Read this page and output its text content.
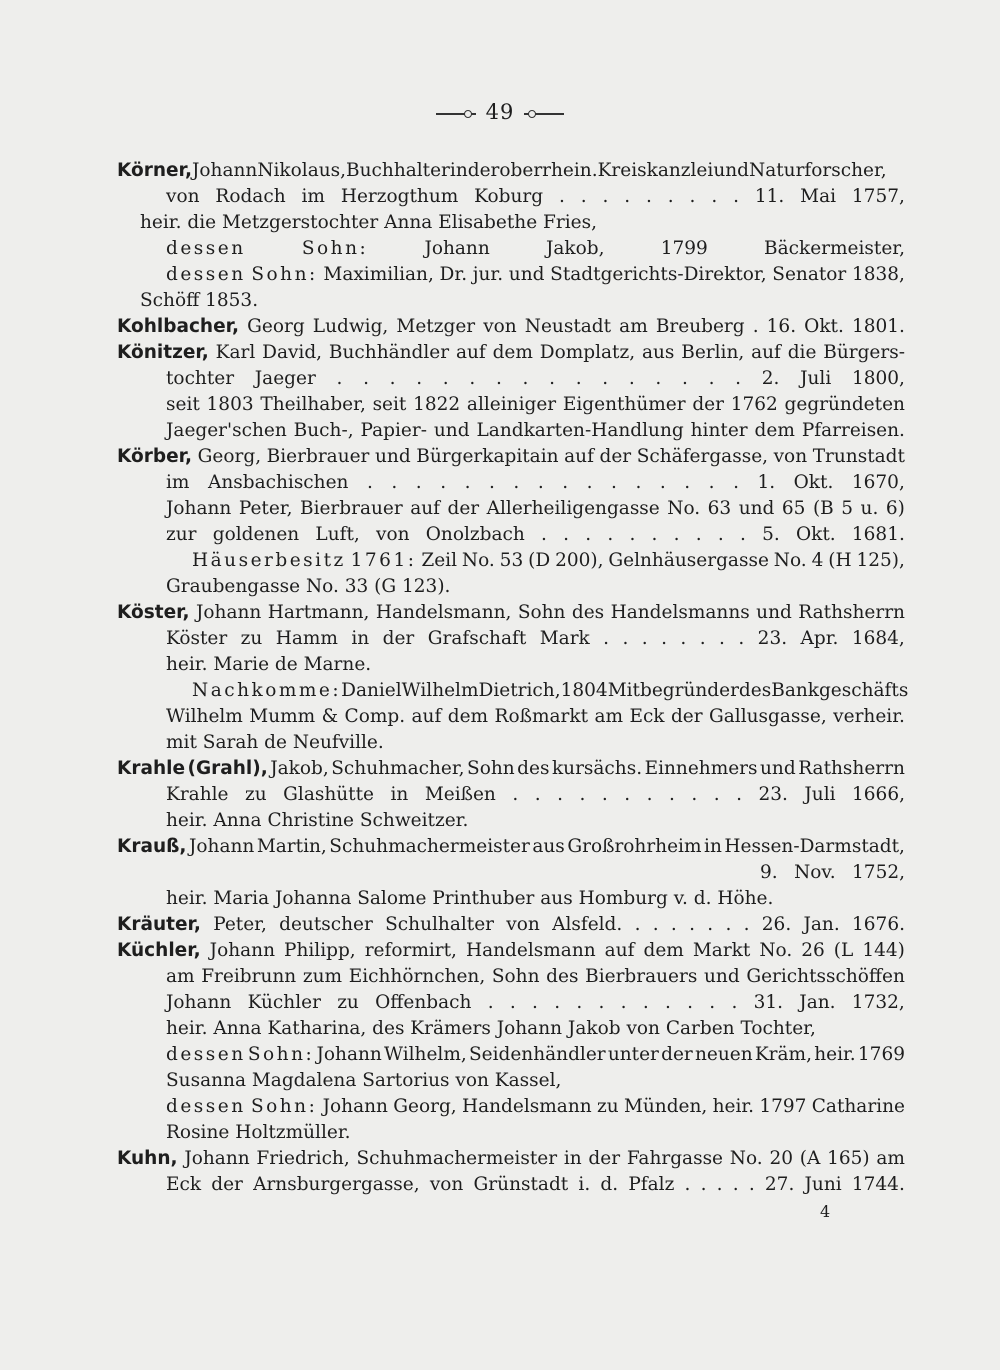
49
Körner, Johann Nikolaus, Buchhalter in der oberrhein. Kreiskanzlei und Naturforscher,
von Rodach im Herzogthum Koburg . . . . . . . . . 11. Mai 1757,
heir. die Metzgerstochter Anna Elisabethe Fries,
dessen	Sohn:	Johann	Jakob,	1799	Bäckermeister,
dessen Sohn: Maximilian, Dr. jur. und Stadtgerichts-Direktor, Senator 1838,
Schöff 1853.
Kohlbacher, Georg Ludwig, Metzger von Neustadt am Breuberg . 16. Okt. 1801.
Könitzer, Karl David, Buchhändler auf dem Domplatz, aus Berlin, auf die Bürgers-
tochter Jaeger . . . . . . . . . . . . . . . . 2. Juli 1800,
seit 1803 Theilhaber, seit 1822 alleiniger Eigenthümer der 1762 gegründeten
Jaeger'schen Buch-, Papier- und Landkarten-Handlung hinter dem Pfarreisen.
Körber, Georg, Bierbrauer und Bürgerkapitain auf der Schäfergasse, von Trunstadt
im Ansbachischen . . . . . . . . . . . . . . . . 1. Okt. 1670,
Johann Peter, Bierbrauer auf der Allerheiligengasse No. 63 und 65 (B 5 u. 6)
zur goldenen Luft, von Onolzbach . . . . . . . . . . 5. Okt. 1681.
Häuserbesitz 1761: Zeil No. 53 (D 200), Gelnhäusergasse No. 4 (H 125),
Graubengasse No. 33 (G 123).
Köster, Johann Hartmann, Handelsmann, Sohn des Handelsmanns und Rathsherrn
Köster zu Hamm in der Grafschaft Mark . . . . . . . . 23. Apr. 1684,
heir. Marie de Marne.
Nachkomme: Daniel Wilhelm Dietrich, 1804 Mitbegründer des Bankgeschäfts
Wilhelm Mumm & Comp. auf dem Roßmarkt am Eck der Gallusgasse, verheir.
mit Sarah de Neufville.
Krahle (Grahl), Jakob, Schuhmacher, Sohn des kursächs. Einnehmers und Rathsherrn
Krahle zu Glashütte in Meißen . . . . . . . . . . . 23. Juli 1666,
heir. Anna Christine Schweitzer.
Krauß, Johann Martin, Schuhmachermeister aus Großrohrheim in Hessen-Darmstadt,
9. Nov. 1752,
heir. Maria Johanna Salome Printhuber aus Homburg v. d. Höhe.
Kräuter, Peter, deutscher Schulhalter von Alsfeld. . . . . . . . 26. Jan. 1676.
Küchler, Johann Philipp, reformirt, Handelsmann auf dem Markt No. 26 (L 144)
am Freibrunn zum Eichhörnchen, Sohn des Bierbrauers und Gerichtsschöffen
Johann Küchler zu Offenbach . . . . . . . . . . . . 31. Jan. 1732,
heir. Anna Katharina, des Krämers Johann Jakob von Carben Tochter,
dessen Sohn: Johann Wilhelm, Seidenhändler unter der neuen Kräm, heir. 1769
Susanna Magdalena Sartorius von Kassel,
dessen Sohn: Johann Georg, Handelsmann zu Münden, heir. 1797 Catharine
Rosine Holtzmüller.
Kuhn, Johann Friedrich, Schuhmachermeister in der Fahrgasse No. 20 (A 165) am
Eck der Arnsburgergasse, von Grünstadt i. d. Pfalz . . . . . 27. Juni 1744.
4
